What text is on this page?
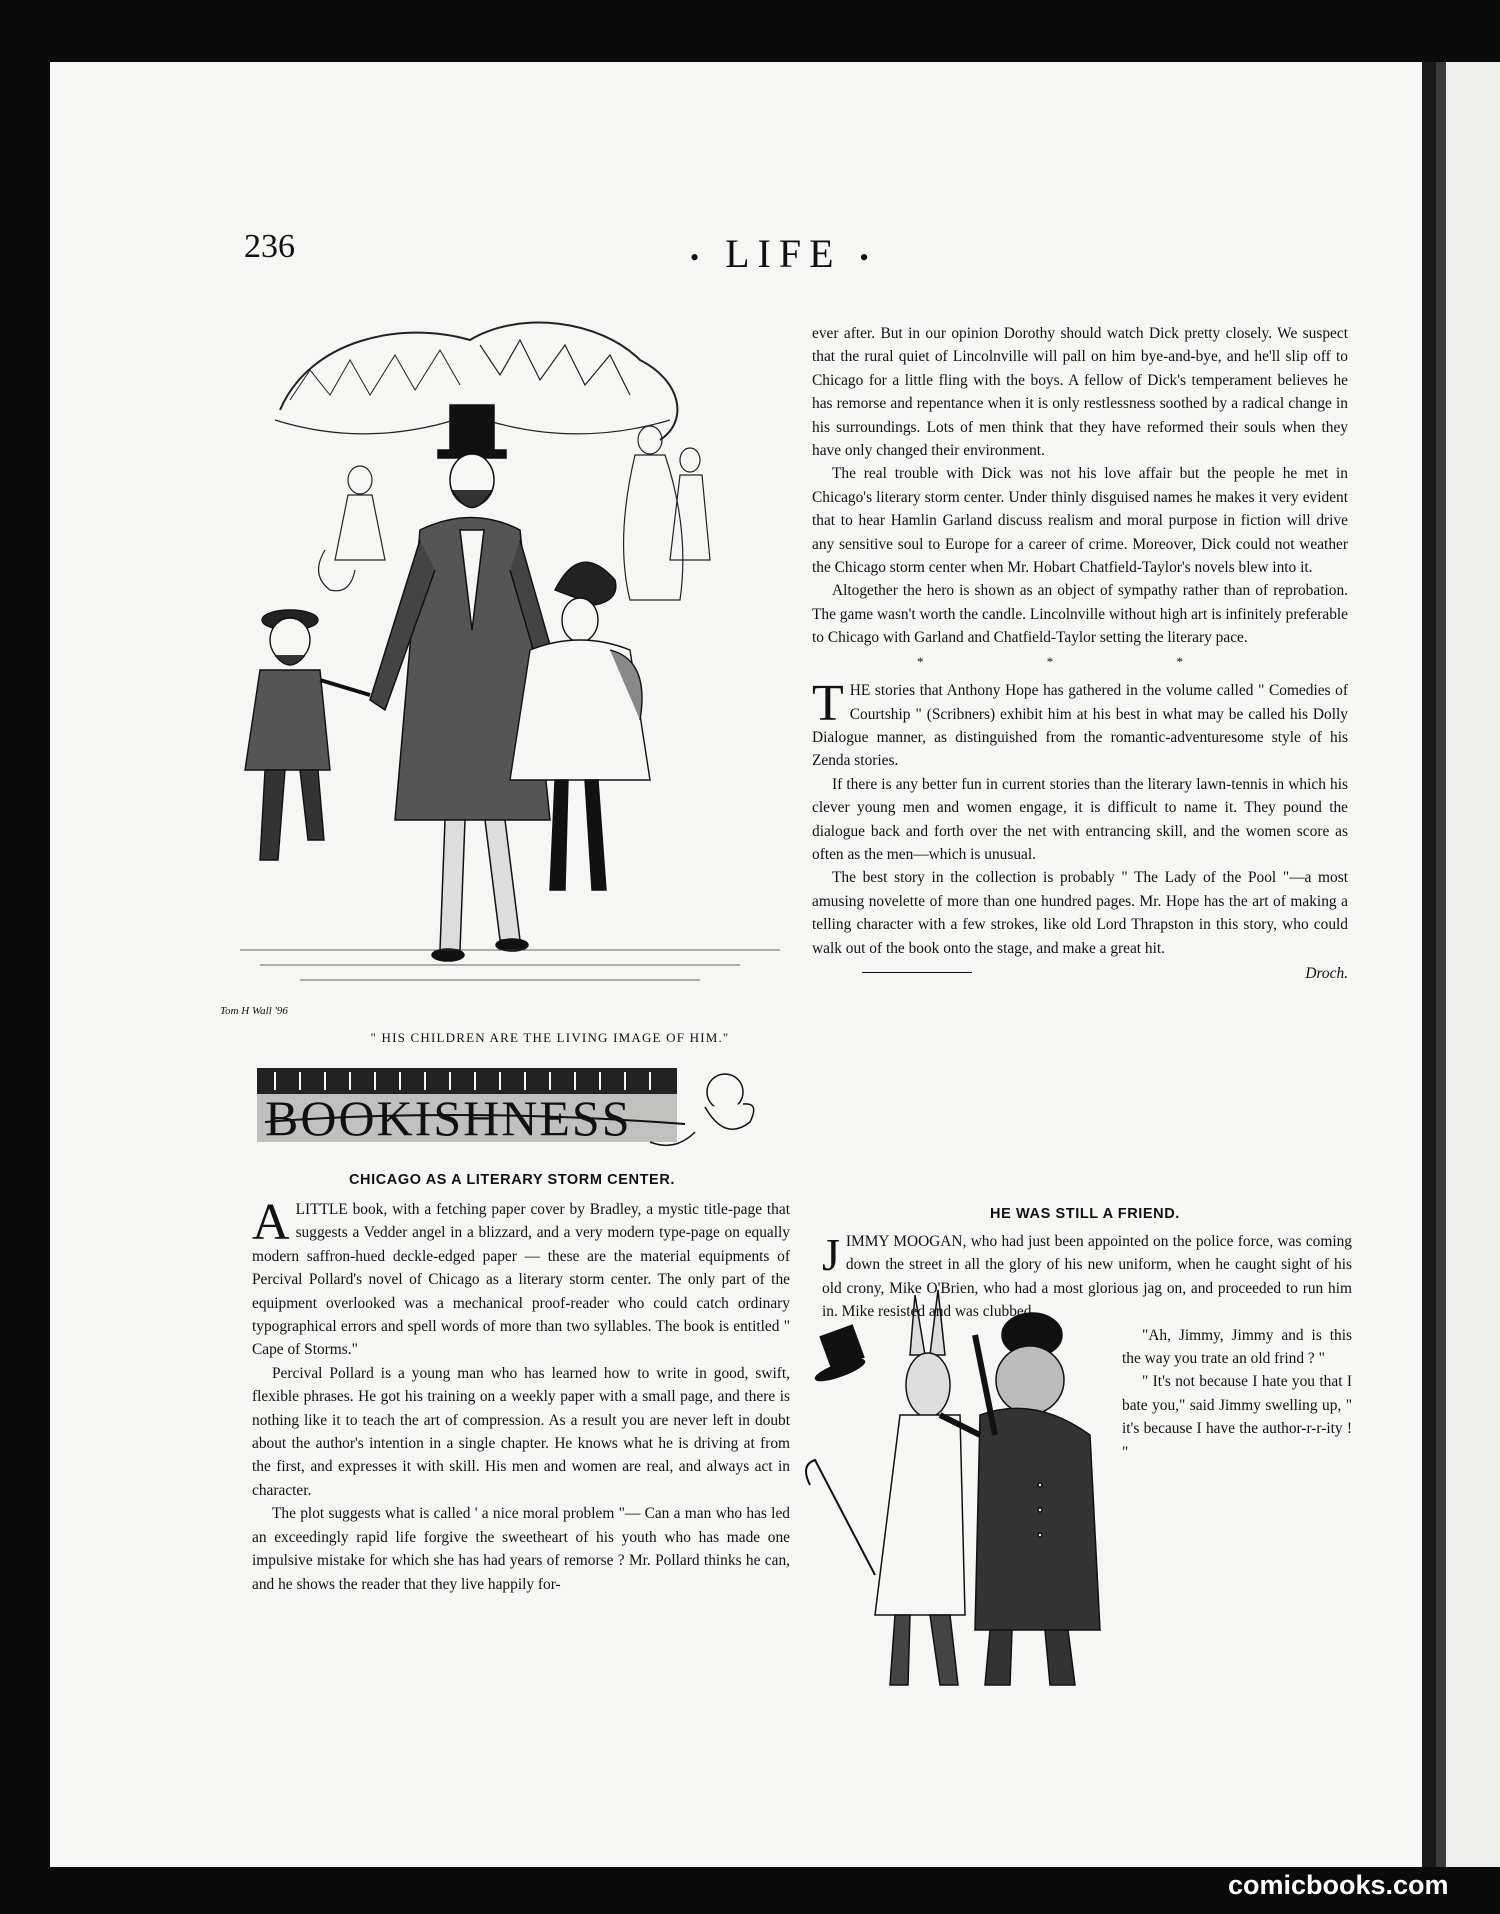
236	• LIFE •
Tom H Wall '96
" HIS CHILDREN ARE THE LIVING IMAGE OF HIM."
BOOKISHNESS
CHICAGO AS A LITERARY STORM CENTER.

ALITTLE book, with a fetching paper cover by Bradley, a mystic title-page that suggests a Vedder angel in a blizzard, and a very modern type-page on equally modern saffron-hued deckle-edged paper — these are the material equipments of Percival Pollard's novel of Chicago as a literary storm center. The only part of the equipment overlooked was a mechanical proof-reader who could catch ordinary typographical errors and spell words of more than two syllables. The book is entitled " Cape of Storms."

Percival Pollard is a young man who has learned how to write in good, swift, flexible phrases. He got his training on a weekly paper with a small page, and there is nothing like it to teach the art of compression. As a result you are never left in doubt about the author's intention in a single chapter. He knows what he is driving at from the first, and expresses it with skill. His men and women are real, and always act in character.

The plot suggests what is called ' a nice moral problem "— Can a man who has led an exceedingly rapid life forgive the sweetheart of his youth who has made one impulsive mistake for which she has had years of remorse ? Mr. Pollard thinks he can, and he shows the reader that they live happily for-

ever after. But in our opinion Dorothy should watch Dick pretty closely. We suspect that the rural quiet of Lincolnville will pall on him bye-and-bye, and he'll slip off to Chicago for a little fling with the boys. A fellow of Dick's temperament believes he has remorse and repentance when it is only restlessness soothed by a radical change in his surroundings. Lots of men think that they have reformed their souls when they have only changed their environment.

The real trouble with Dick was not his love affair but the people he met in Chicago's literary storm center. Under thinly disguised names he makes it very evident that to hear Hamlin Garland discuss realism and moral purpose in fiction will drive any sensitive soul to Europe for a career of crime. Moreover, Dick could not weather the Chicago storm center when Mr. Hobart Chatfield-Taylor's novels blew into it.

Altogether the hero is shown as an object of sympathy rather than of reprobation. The game wasn't worth the candle. Lincolnville without high art is infinitely preferable to Chicago with Garland and Chatfield-Taylor setting the literary pace.

* * *

THE stories that Anthony Hope has gathered in the volume called " Comedies of Courtship " (Scribners) exhibit him at his best in what may be called his Dolly Dialogue manner, as distinguished from the romantic-adventuresome style of his Zenda stories.

If there is any better fun in current stories than the literary lawn-tennis in which his clever young men and women engage, it is difficult to name it. They pound the dialogue back and forth over the net with entrancing skill, and the women score as often as the men—which is unusual.

The best story in the collection is probably " The Lady of the Pool "—a most amusing novelette of more than one hundred pages. Mr. Hope has the art of making a telling character with a few strokes, like old Lord Thrapston in this story, who could walk out of the book onto the stage, and make a great hit.

Droch.

HE WAS STILL A FRIEND.

JIMMY MOOGAN, who had just been appointed on the police force, was coming down the street in all the glory of his new uniform, when he caught sight of his old crony, Mike O'Brien, who had a most glorious jag on, and proceeded to run him in. Mike resisted and was clubbed.

"Ah, Jimmy, Jimmy and is this the way you trate an old frind ? "

" It's not because I hate you that I bate you," said Jimmy swelling up, " it's because I have the author-r-r-ity ! "

comicbooks.com
